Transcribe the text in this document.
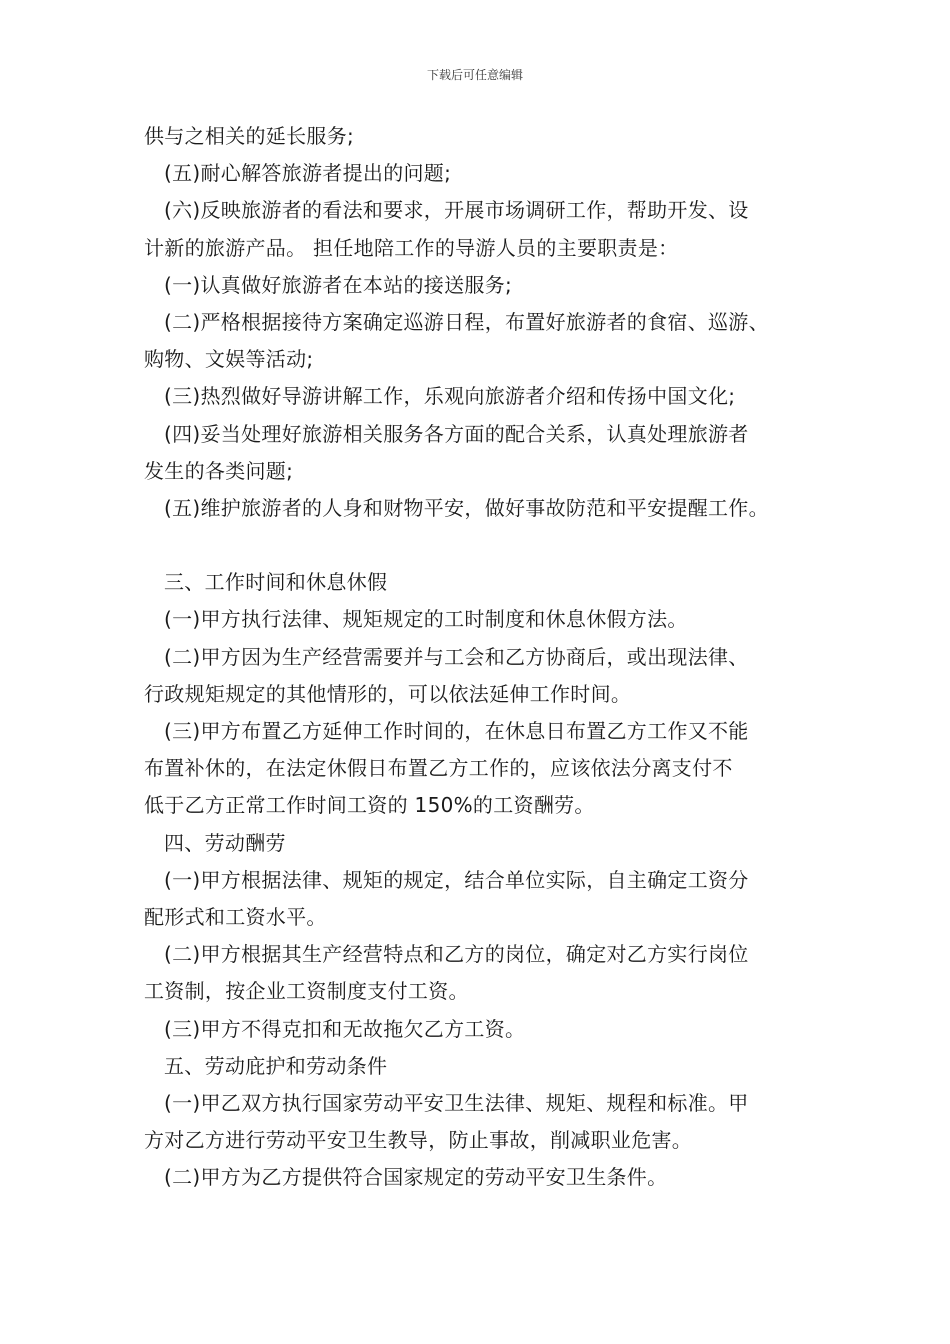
下载后可任意编辑
供与之相关的延长服务;
(五)耐心解答旅游者提出的问题;
(六)反映旅游者的看法和要求，开展市场调研工作，帮助开发、设
计新的旅游产品。 担任地陪工作的导游人员的主要职责是：
(一)认真做好旅游者在本站的接送服务;
(二)严格根据接待方案确定巡游日程，布置好旅游者的食宿、巡游、
购物、文娱等活动;
(三)热烈做好导游讲解工作，乐观向旅游者介绍和传扬中国文化;
(四)妥当处理好旅游相关服务各方面的配合关系，认真处理旅游者
发生的各类问题;
(五)维护旅游者的人身和财物平安，做好事故防范和平安提醒工作。
三、工作时间和休息休假
(一)甲方执行法律、规矩规定的工时制度和休息休假方法。
(二)甲方因为生产经营需要并与工会和乙方协商后，或出现法律、
行政规矩规定的其他情形的，可以依法延伸工作时间。
(三)甲方布置乙方延伸工作时间的，在休息日布置乙方工作又不能
布置补休的，在法定休假日布置乙方工作的，应该依法分离支付不
低于乙方正常工作时间工资的 150%的工资酬劳。
四、劳动酬劳
(一)甲方根据法律、规矩的规定，结合单位实际，自主确定工资分
配形式和工资水平。
(二)甲方根据其生产经营特点和乙方的岗位，确定对乙方实行岗位
工资制，按企业工资制度支付工资。
(三)甲方不得克扣和无故拖欠乙方工资。
五、劳动庇护和劳动条件
(一)甲乙双方执行国家劳动平安卫生法律、规矩、规程和标准。甲
方对乙方进行劳动平安卫生教导，防止事故，削减职业危害。
(二)甲方为乙方提供符合国家规定的劳动平安卫生条件。
